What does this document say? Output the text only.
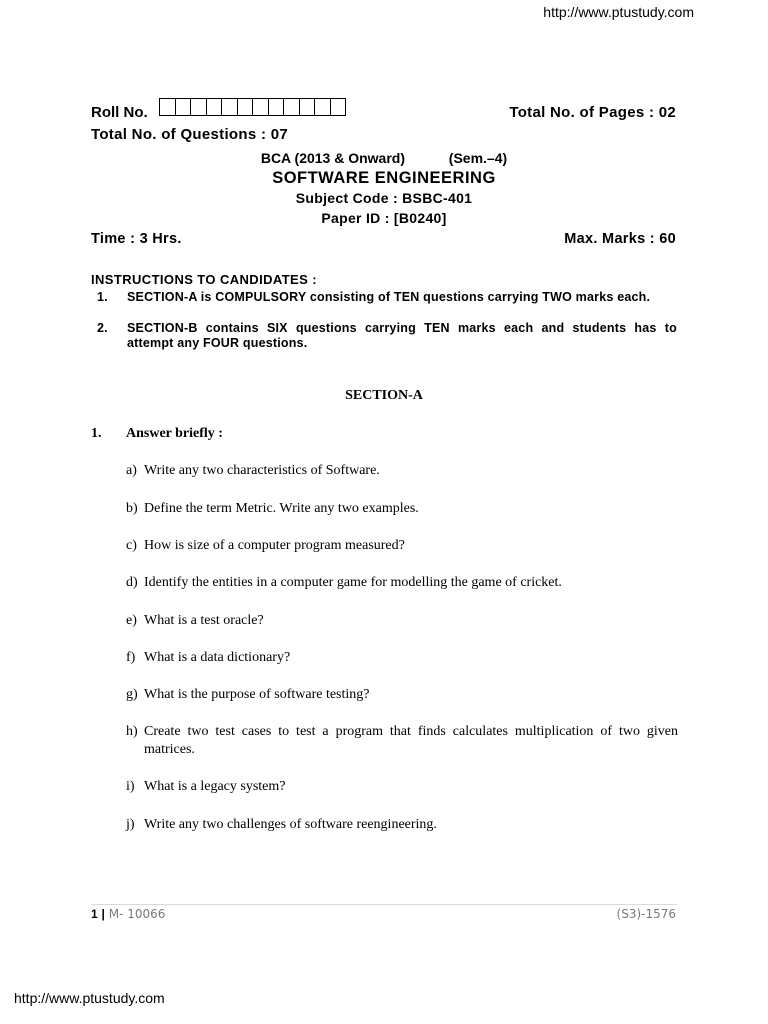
http://www.ptustudy.com
Roll No.	Total No. of Pages : 02
Total No. of Questions : 07
BCA (2013 & Onward)	(Sem.–4)
SOFTWARE ENGINEERING
Subject Code : BSBC-401
Paper ID : [B0240]
Time : 3 Hrs.	Max. Marks : 60
INSTRUCTIONS TO CANDIDATES :
1. SECTION-A is COMPULSORY consisting of TEN questions carrying TWO marks each.
2. SECTION-B contains SIX questions carrying TEN marks each and students has to attempt any FOUR questions.
SECTION-A
1. Answer briefly :
a) Write any two characteristics of Software.
b) Define the term Metric. Write any two examples.
c) How is size of a computer program measured?
d) Identify the entities in a computer game for modelling the game of cricket.
e) What is a test oracle?
f) What is a data dictionary?
g) What is the purpose of software testing?
h) Create two test cases to test a program that finds calculates multiplication of two given matrices.
i) What is a legacy system?
j) Write any two challenges of software reengineering.
1 | M- 10066	(S3)-1576
http://www.ptustudy.com
